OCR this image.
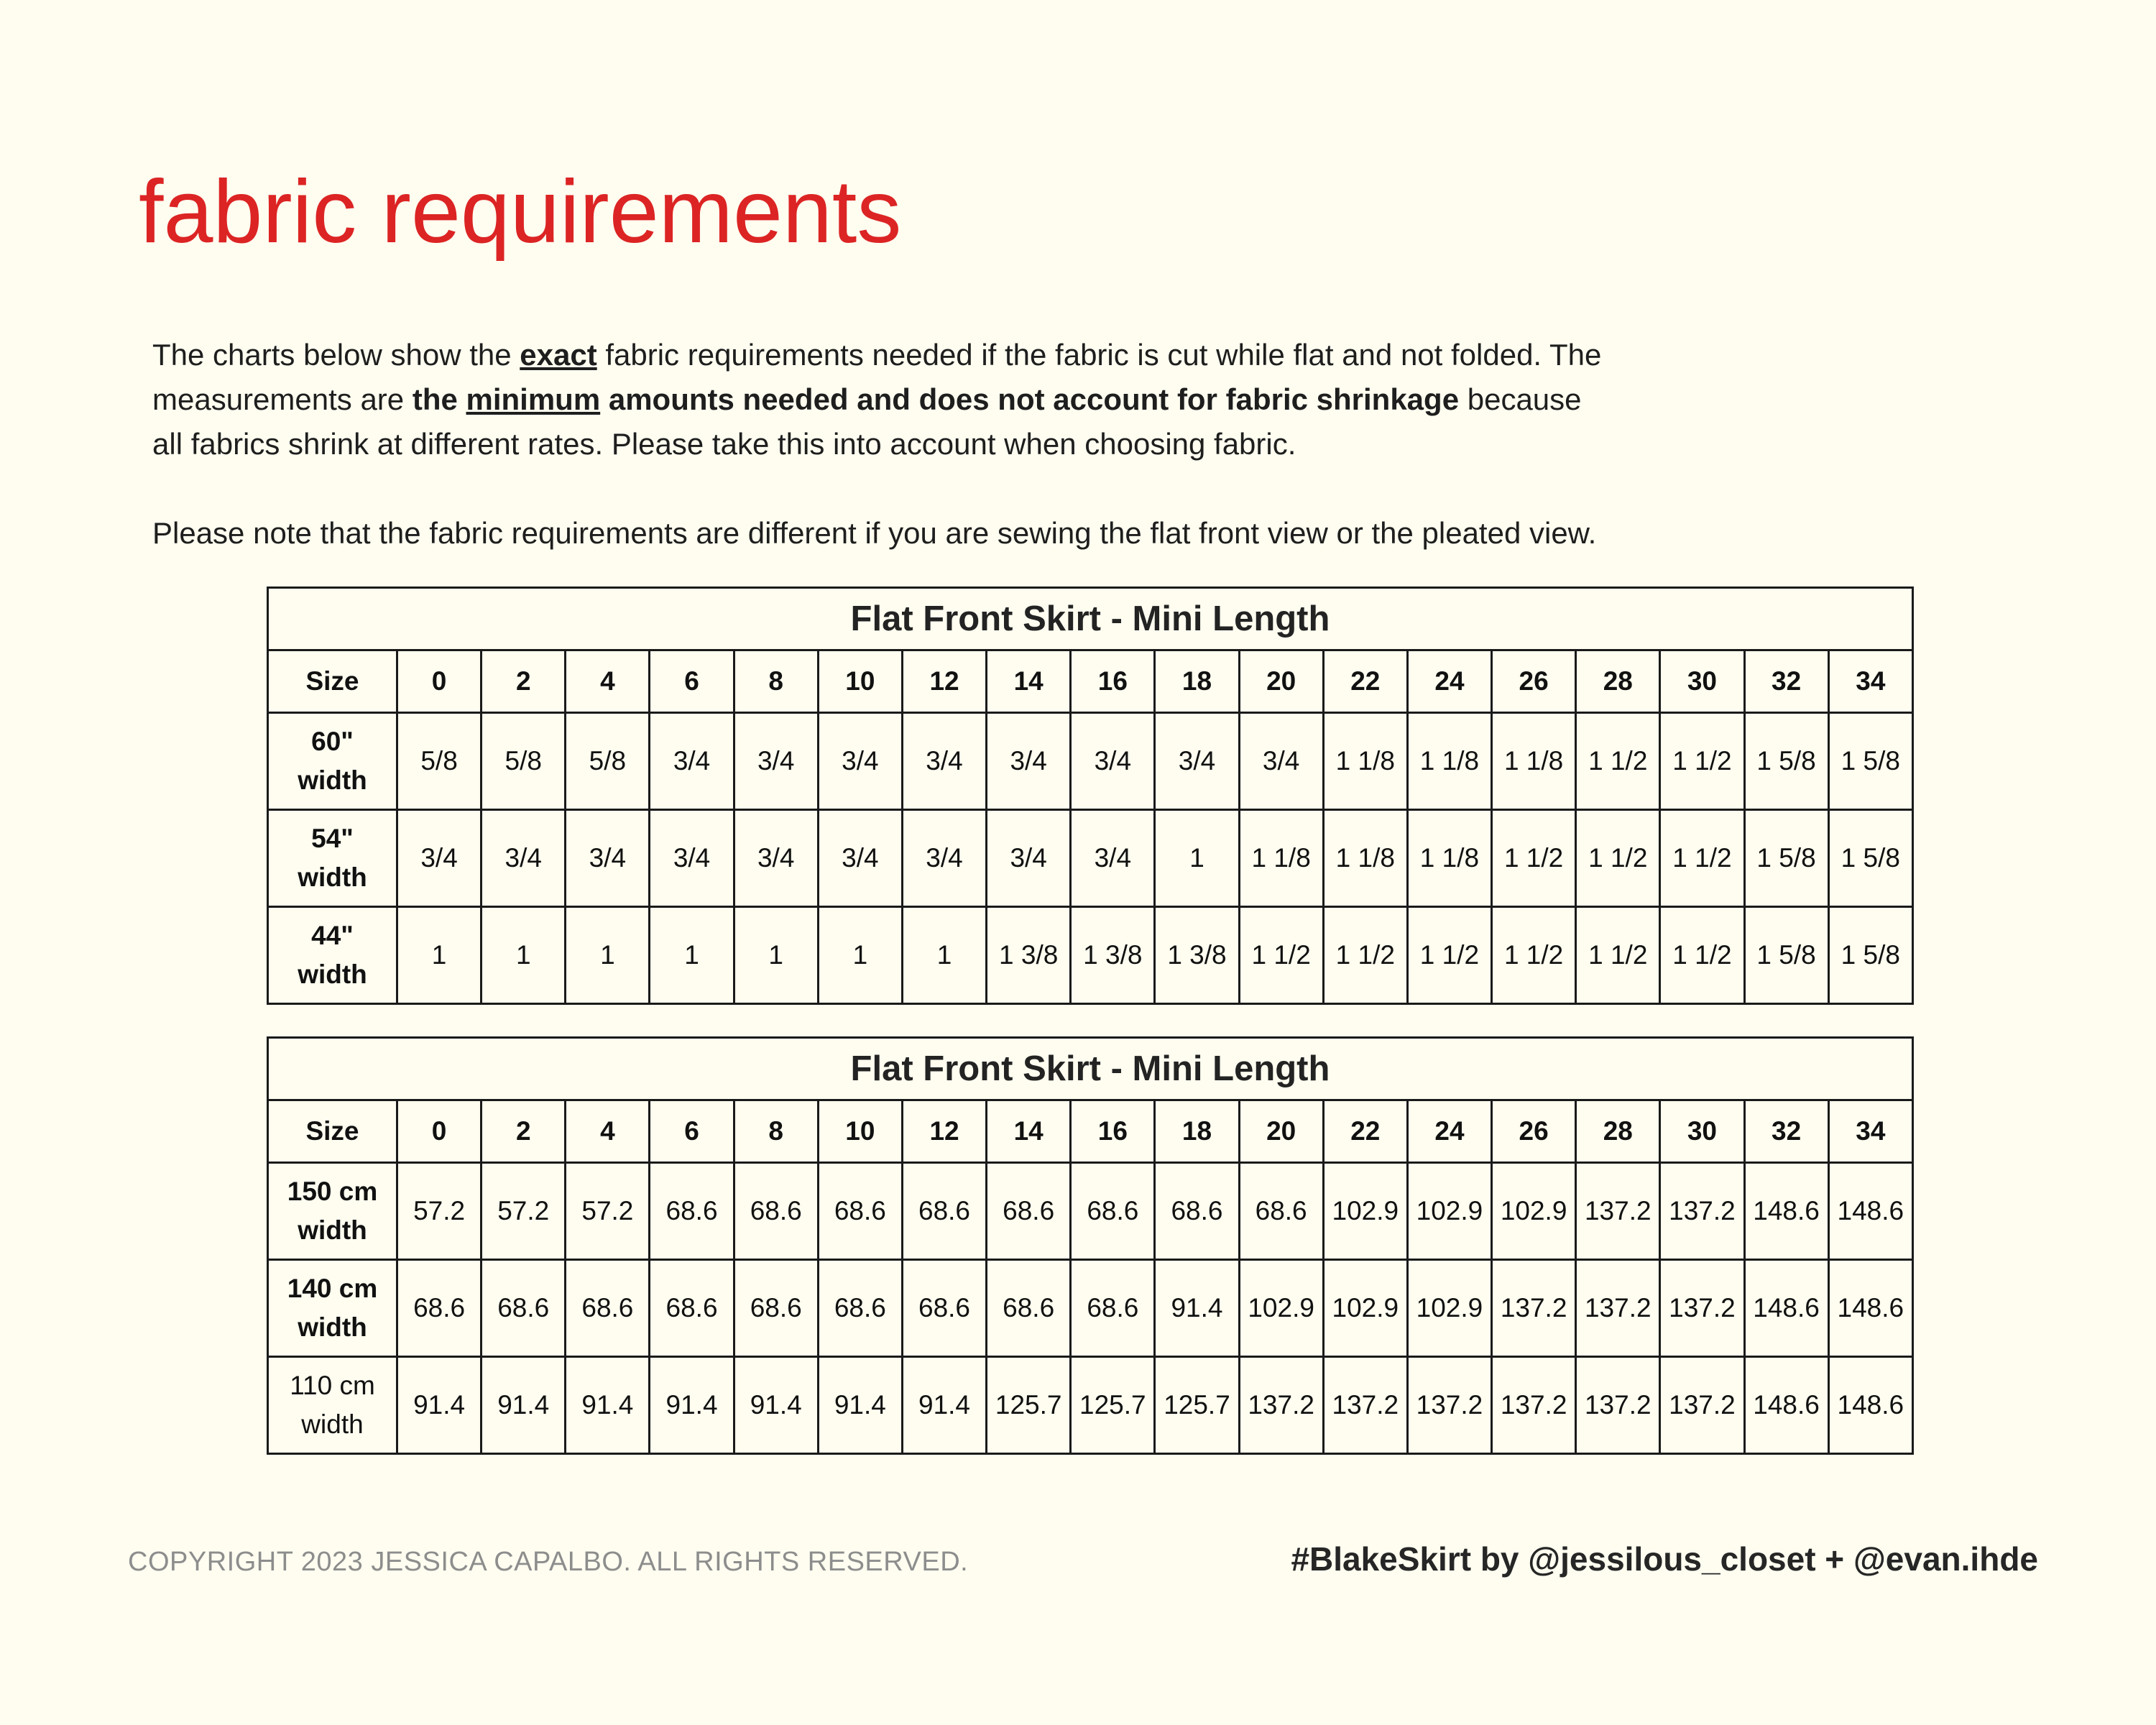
fabric requirements

The charts below show the exact fabric requirements needed if the fabric is cut while flat and not folded. The

measurements are the minimum amounts needed and does not account for fabric shrinkage because

all fabrics shrink at different rates. Please take this into account when choosing fabric.

Please note that the fabric requirements are different if you are sewing the flat front view or the pleated view.

Flat Front Skirt - Mini Length																		
Size	0	2	4	6	8	10	12	14	16	18	20	22	24	26	28	30	32	34

60"
width	5/8	5/8	5/8	3/4	3/4	3/4	3/4	3/4	3/4	3/4	3/4	1 1/8	1 1/8	1 1/8	1 1/2	1 1/2	1 5/8	1 5/8

54"
width	3/4	3/4	3/4	3/4	3/4	3/4	3/4	3/4	3/4	1	1 1/8	1 1/8	1 1/8	1 1/2	1 1/2	1 1/2	1 5/8	1 5/8

44"
width	1	1	1	1	1	1	1	1 3/8	1 3/8	1 3/8	1 1/2	1 1/2	1 1/2	1 1/2	1 1/2	1 1/2	1 5/8	1 5/8
Flat Front Skirt - Mini Length																		
Size	0	2	4	6	8	10	12	14	16	18	20	22	24	26	28	30	32	34

150 cm
width	57.2	57.2	57.2	68.6	68.6	68.6	68.6	68.6	68.6	68.6	68.6	102.9	102.9	102.9	137.2	137.2	148.6	148.6

140 cm
width	68.6	68.6	68.6	68.6	68.6	68.6	68.6	68.6	68.6	91.4	102.9	102.9	102.9	137.2	137.2	137.2	148.6	148.6

110 cm
width	91.4	91.4	91.4	91.4	91.4	91.4	91.4	125.7	125.7	125.7	137.2	137.2	137.2	137.2	137.2	137.2	148.6	148.6
COPYRIGHT 2023 JESSICA CAPALBO. ALL RIGHTS RESERVED.	#BlakeSkirt by @jessilous_closet + @evan.ihde
